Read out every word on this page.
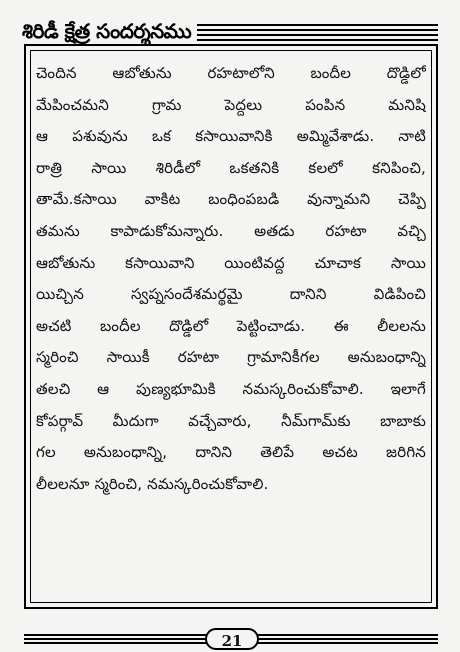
శిరిడీ క్షేత్ర సందర్శనము
చెందిన ఆబోతును రహటాలోని బందీల దొడ్డిలో
మేపించమని గ్రామ పెద్దలు పంపిన మనిషి
ఆ పశువును ఒక కసాయివానికి అమ్మివేశాడు. నాటి
రాత్రి సాయి శిరిడీలో ఒకతనికి కలలో కనిపించి,
తామే.కసాయి వాకిట బంధింపబడి వున్నామని చెప్పి
తమను కాపాడుకోమన్నారు. అతడు రహటా వచ్చి
ఆబోతును కసాయివాని యింటివద్ద చూచాక సాయి
యిచ్చిన స్వప్నసందేశమర్థమై దానిని విడిపించి
అచటి బందీల దొడ్డిలో పెట్టించాడు. ఈ లీలలను
స్మరించి సాయికీ రహటా గ్రామానికీగల అనుబంధాన్ని
తలచి ఆ పుణ్యభూమికి నమస్కరించుకోవాలి. ఇలాగే
కోపర్గావ్ మీదుగా వచ్చేవారు, నీమ్‌గామ్‌కు బాబాకు
గల అనుబంధాన్ని, దానిని తెలిపే అచట జరిగిన
లీలలనూ స్మరించి, నమస్కరించుకోవాలి.
21
